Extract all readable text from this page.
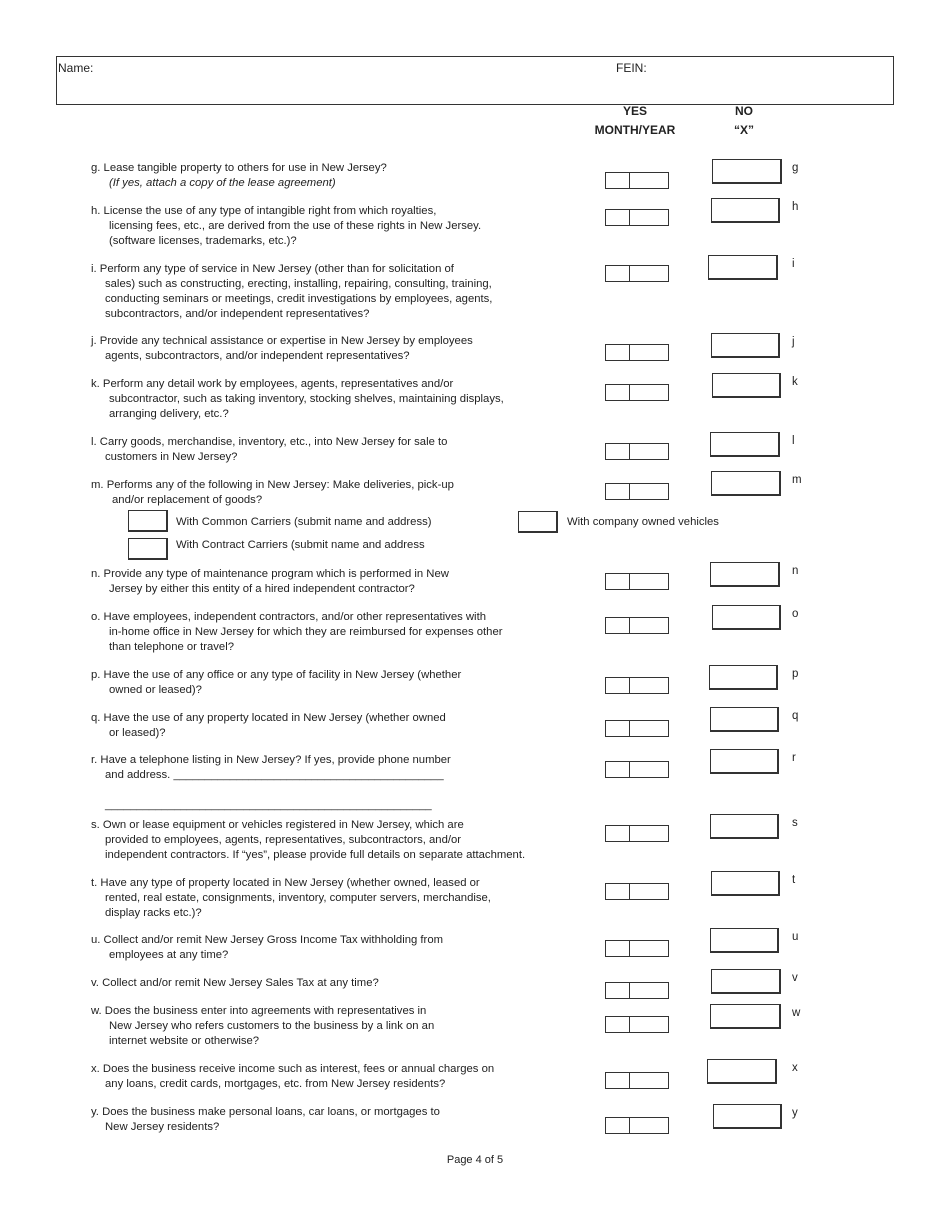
Name:	FEIN:
YES
MONTH/YEAR
NO
“X”
g. Lease tangible property to others for use in New Jersey?
(If yes, attach a copy of the lease agreement)
g
h. License the use of any type of intangible right from which royalties,
licensing fees, etc., are derived from the use of these rights in New Jersey.
(software licenses, trademarks, etc.)?
h
i. Perform any type of service in New Jersey (other than for solicitation of
sales) such as constructing, erecting, installing, repairing, consulting, training,
conducting seminars or meetings, credit investigations by employees, agents,
subcontractors, and/or independent representatives?
i
j. Provide any technical assistance or expertise in New Jersey by employees
agents, subcontractors, and/or independent representatives?
j
k. Perform any detail work by employees, agents, representatives and/or
subcontractor, such as taking inventory, stocking shelves, maintaining displays,
arranging delivery, etc.?
k
l. Carry goods, merchandise, inventory, etc., into New Jersey for sale to
customers in New Jersey?
l
m. Performs any of the following in New Jersey: Make deliveries, pick-up
and/or replacement of goods?
m
n. Provide any type of maintenance program which is performed in New
Jersey by either this entity of a hired independent contractor?
n
o. Have employees, independent contractors, and/or other representatives with
in-home office in New Jersey for which they are reimbursed for expenses other
than telephone or travel?
o
p. Have the use of any office or any type of facility in New Jersey (whether
owned or leased)?
p
q. Have the use of any property located in New Jersey (whether owned
or leased)?
q
r. Have a telephone listing in New Jersey? If yes, provide phone number
and address. ___________________________________________
____________________________________________________
r
s. Own or lease equipment or vehicles registered in New Jersey, which are
provided to employees, agents, representatives, subcontractors, and/or
independent contractors. If “yes”, please provide full details on separate attachment.
s
t. Have any type of property located in New Jersey (whether owned, leased or
rented, real estate, consignments, inventory, computer servers, merchandise,
display racks etc.)?
t
u. Collect and/or remit New Jersey Gross Income Tax withholding from
employees at any time?
u
v. Collect and/or remit New Jersey Sales Tax at any time?	v
w. Does the business enter into agreements with representatives in
New Jersey who refers customers to the business by a link on an
internet website or otherwise?
w
x. Does the business receive income such as interest, fees or annual charges on
any loans, credit cards, mortgages, etc. from New Jersey residents?
x
y. Does the business make personal loans, car loans, or mortgages to
New Jersey residents?
y
With Common Carriers (submit name and address)	With company owned vehicles
With Contract Carriers (submit name and address
Page 4 of 5
